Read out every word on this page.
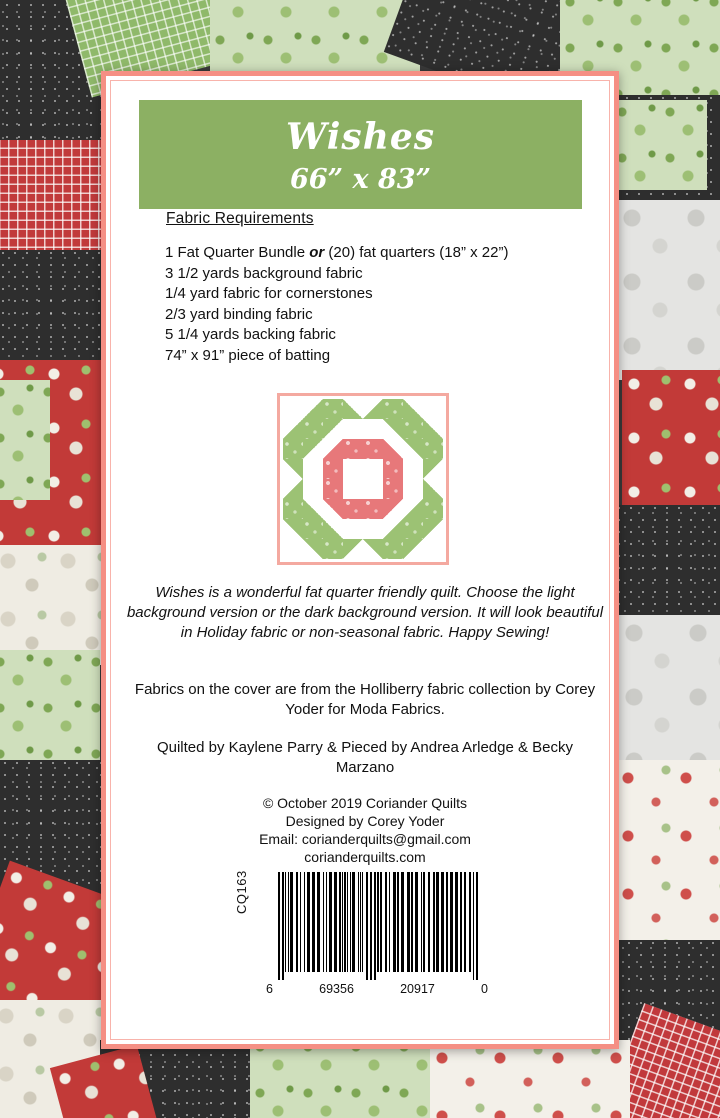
Wishes
66” x 83”
Fabric Requirements
1 Fat Quarter Bundle or (20) fat quarters (18” x 22”)
3 1/2 yards background fabric
1/4 yard fabric for cornerstones
2/3 yard binding fabric
5 1/4 yards backing fabric
74” x 91” piece of batting
Wishes is a wonderful fat quarter friendly quilt. Choose the light background version or the dark background version. It will look beautiful in Holiday fabric or non-seasonal fabric. Happy Sewing!
Fabrics on the cover are from the Holliberry fabric collection by Corey Yoder for Moda Fabrics.
Quilted by Kaylene Parry & Pieced by Andrea Arledge & Becky Marzano
© October 2019 Coriander Quilts
Designed by Corey Yoder
Email: corianderquilts@gmail.com
corianderquilts.com
CQ163
6	69356	20917	0
